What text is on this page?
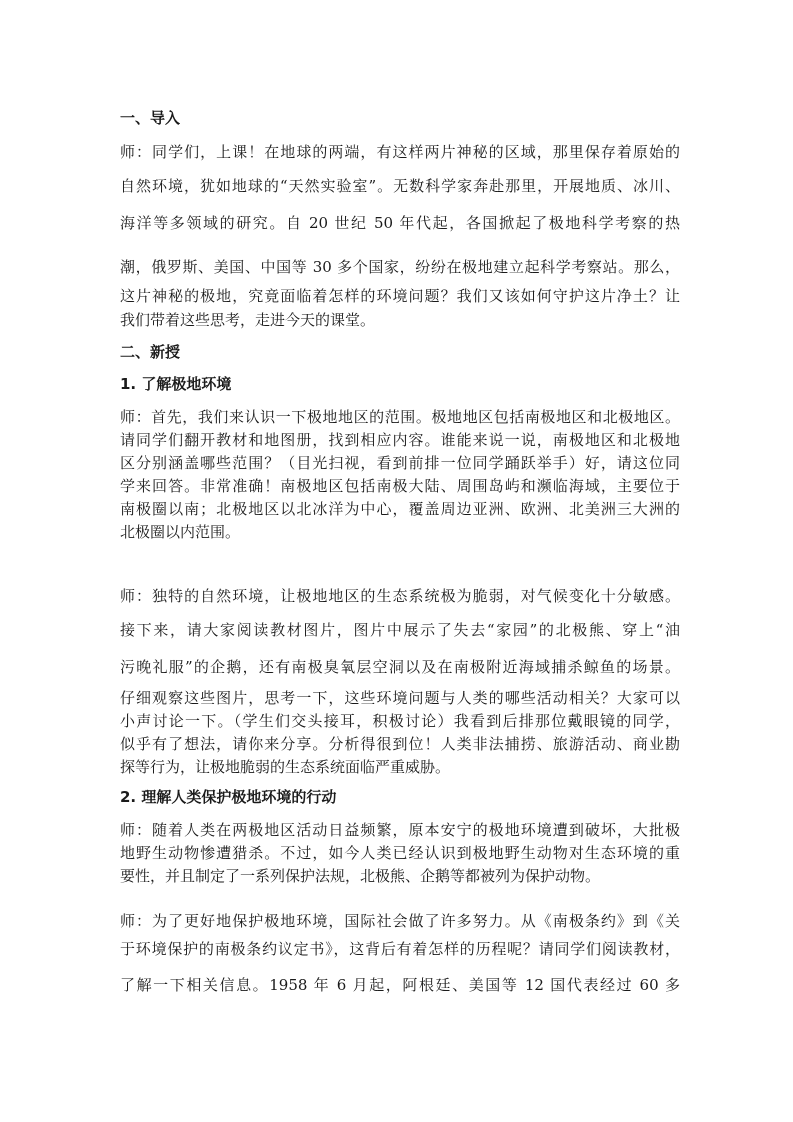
一、导入
师：同学们，上课！在地球的两端，有这样两片神秘的区域，那里保存着原始的
自然环境，犹如地球的“天然实验室”。无数科学家奔赴那里，开展地质、冰川、
海洋等多领域的研究。自 20 世纪 50 年代起，各国掀起了极地科学考察的热
潮，俄罗斯、美国、中国等 30 多个国家，纷纷在极地建立起科学考察站。那么，
这片神秘的极地，究竟面临着怎样的环境问题？我们又该如何守护这片净土？让
我们带着这些思考，走进今天的课堂。
二、新授
1. 了解极地环境
师：首先，我们来认识一下极地地区的范围。极地地区包括南极地区和北极地区。
请同学们翻开教材和地图册，找到相应内容。谁能来说一说，南极地区和北极地
区分别涵盖哪些范围？（目光扫视，看到前排一位同学踊跃举手）好，请这位同
学来回答。非常准确！南极地区包括南极大陆、周围岛屿和濒临海域，主要位于
南极圈以南；北极地区以北冰洋为中心，覆盖周边亚洲、欧洲、北美洲三大洲的
北极圈以内范围。
师：独特的自然环境，让极地地区的生态系统极为脆弱，对气候变化十分敏感。
接下来，请大家阅读教材图片，图片中展示了失去“家园”的北极熊、穿上“油
污晚礼服”的企鹅，还有南极臭氧层空洞以及在南极附近海域捕杀鲸鱼的场景。
仔细观察这些图片，思考一下，这些环境问题与人类的哪些活动相关？大家可以
小声讨论一下。（学生们交头接耳，积极讨论）我看到后排那位戴眼镜的同学，
似乎有了想法，请你来分享。分析得很到位！人类非法捕捞、旅游活动、商业勘
探等行为，让极地脆弱的生态系统面临严重威胁。
2. 理解人类保护极地环境的行动
师：随着人类在两极地区活动日益频繁，原本安宁的极地环境遭到破坏，大批极
地野生动物惨遭猎杀。不过，如今人类已经认识到极地野生动物对生态环境的重
要性，并且制定了一系列保护法规，北极熊、企鹅等都被列为保护动物。
师：为了更好地保护极地环境，国际社会做了许多努力。从《南极条约》到《关
于环境保护的南极条约议定书》，这背后有着怎样的历程呢？请同学们阅读教材，
了解一下相关信息。1958 年 6 月起，阿根廷、美国等 12 国代表经过 60 多
